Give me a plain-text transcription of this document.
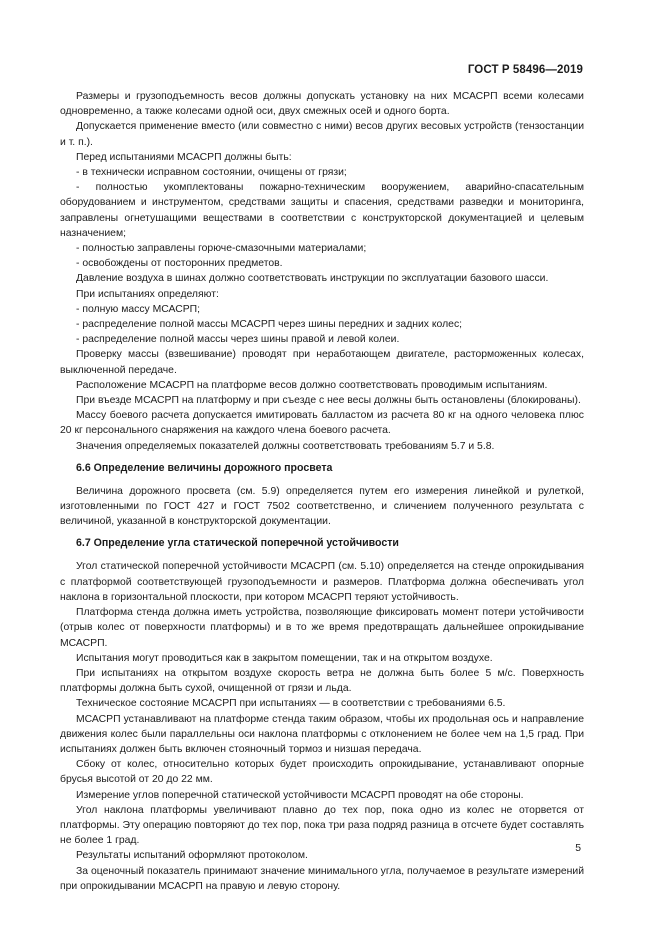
ГОСТ Р 58496—2019

Размеры и грузоподъемность весов должны допускать установку на них МСАСРП всеми колесами одновременно, а также колесами одной оси, двух смежных осей и одного борта.

Допускается применение вместо (или совместно с ними) весов других весовых устройств (тензостанции и т. п.).

Перед испытаниями МСАСРП должны быть:

- в технически исправном состоянии, очищены от грязи;

- полностью укомплектованы пожарно-техническим вооружением, аварийно-спасательным оборудованием и инструментом, средствами защиты и спасения, средствами разведки и мониторинга, заправлены огнетушащими веществами в соответствии с конструкторской документацией и целевым назначением;

- полностью заправлены горюче-смазочными материалами;

- освобождены от посторонних предметов.

Давление воздуха в шинах должно соответствовать инструкции по эксплуатации базового шасси.

При испытаниях определяют:

- полную массу МСАСРП;

- распределение полной массы МСАСРП через шины передних и задних колес;

- распределение полной массы через шины правой и левой колеи.

Проверку массы (взвешивание) проводят при неработающем двигателе, расторможенных колесах, выключенной передаче.

Расположение МСАСРП на платформе весов должно соответствовать проводимым испытаниям.

При въезде МСАСРП на платформу и при съезде с нее весы должны быть остановлены (блокированы).

Массу боевого расчета допускается имитировать балластом из расчета 80 кг на одного человека плюс 20 кг персонального снаряжения на каждого члена боевого расчета.

Значения определяемых показателей должны соответствовать требованиям 5.7 и 5.8.

6.6 Определение величины дорожного просвета

Величина дорожного просвета (см. 5.9) определяется путем его измерения линейкой и рулеткой, изготовленными по ГОСТ 427 и ГОСТ 7502 соответственно, и сличением полученного результата с величиной, указанной в конструкторской документации.

6.7 Определение угла статической поперечной устойчивости

Угол статической поперечной устойчивости МСАСРП (см. 5.10) определяется на стенде опрокидывания с платформой соответствующей грузоподъемности и размеров. Платформа должна обеспечивать угол наклона в горизонтальной плоскости, при котором МСАСРП теряют устойчивость.

Платформа стенда должна иметь устройства, позволяющие фиксировать момент потери устойчивости (отрыв колес от поверхности платформы) и в то же время предотвращать дальнейшее опрокидывание МСАСРП.

Испытания могут проводиться как в закрытом помещении, так и на открытом воздухе.

При испытаниях на открытом воздухе скорость ветра не должна быть более 5 м/с. Поверхность платформы должна быть сухой, очищенной от грязи и льда.

Техническое состояние МСАСРП при испытаниях — в соответствии с требованиями 6.5.

МСАСРП устанавливают на платформе стенда таким образом, чтобы их продольная ось и направление движения колес были параллельны оси наклона платформы с отклонением не более чем на 1,5 град. При испытаниях должен быть включен стояночный тормоз и низшая передача.

Сбоку от колес, относительно которых будет происходить опрокидывание, устанавливают опорные брусья высотой от 20 до 22 мм.

Измерение углов поперечной статической устойчивости МСАСРП проводят на обе стороны.

Угол наклона платформы увеличивают плавно до тех пор, пока одно из колес не оторвется от платформы. Эту операцию повторяют до тех пор, пока три раза подряд разница в отсчете будет составлять не более 1 град.

Результаты испытаний оформляют протоколом.

За оценочный показатель принимают значение минимального угла, получаемое в результате измерений при опрокидывании МСАСРП на правую и левую сторону.

5
